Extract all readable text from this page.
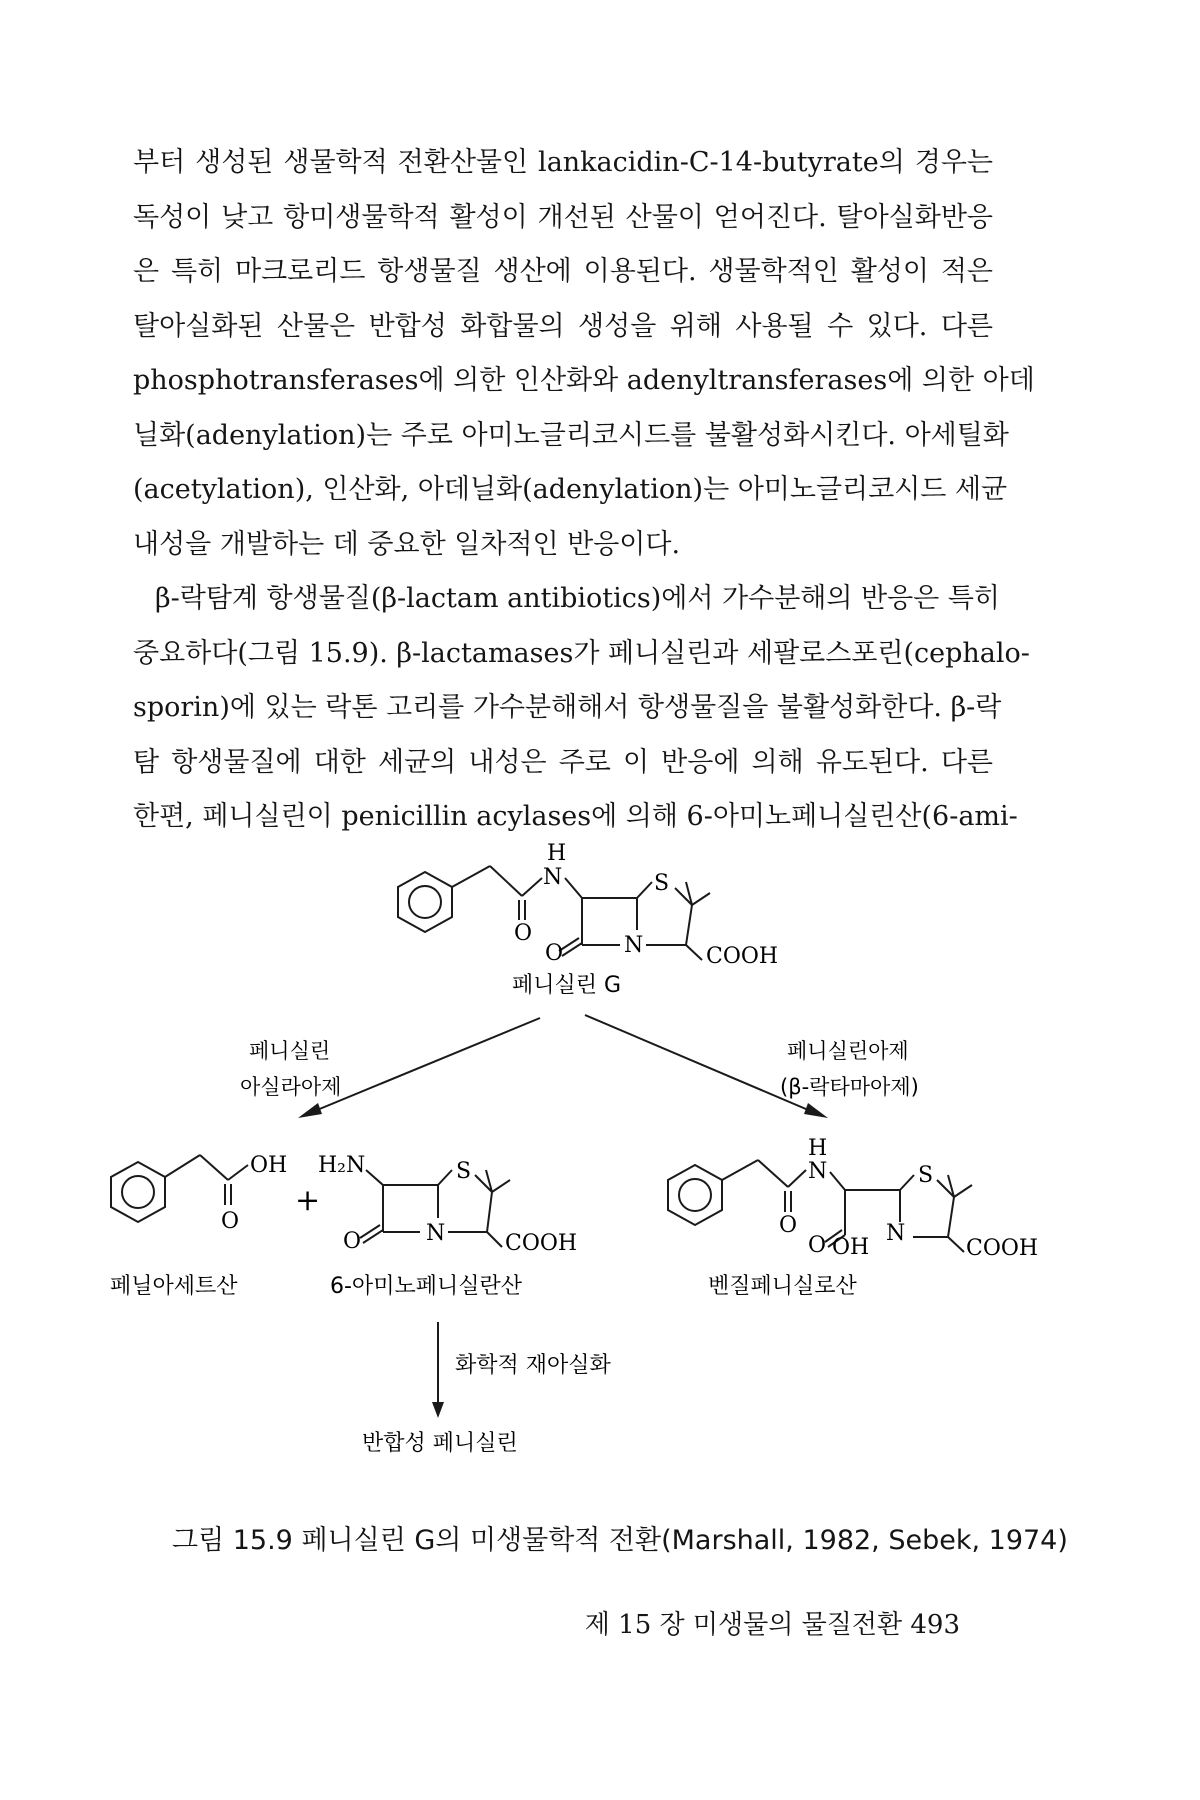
부터 생성된 생물학적 전환산물인 lankacidin-C-14-butyrate의 경우는
독성이 낮고 항미생물학적 활성이 개선된 산물이 얻어진다. 탈아실화반응
은 특히 마크로리드 항생물질 생산에 이용된다. 생물학적인 활성이 적은
탈아실화된 산물은 반합성 화합물의 생성을 위해 사용될 수 있다. 다른
phosphotransferases에 의한 인산화와 adenyltransferases에 의한 아데
닐화(adenylation)는 주로 아미노글리코시드를 불활성화시킨다. 아세틸화
(acetylation), 인산화, 아데닐화(adenylation)는 아미노글리코시드 세균
내성을 개발하는 데 중요한 일차적인 반응이다.
β-락탐계 항생물질(β-lactam antibiotics)에서 가수분해의 반응은 특히
중요하다(그림 15.9). β-lactamases가 페니실린과 세팔로스포린(cephalo-
sporin)에 있는 락톤 고리를 가수분해해서 항생물질을 불활성화한다. β-락
탐 항생물질에 대한 세균의 내성은 주로 이 반응에 의해 유도된다. 다른
한편, 페니실린이 penicillin acylases에 의해 6-아미노페니실린산(6-ami-
H
N	S
O
O	N	COOH
페니실린 G
페니실린
아실라아제
페니실린아제
(β-락타마아제)
OH
O
+
H₂N	S
O	N	COOH
H
N	S
O
O OH
N
COOH
페닐아세트산	6-아미노페니실란산	벤질페니실로산
화학적 재아실화
반합성 페니실린
그림 15.9 페니실린 G의 미생물학적 전환(Marshall, 1982, Sebek, 1974)
제 15 장 미생물의 물질전환 493
